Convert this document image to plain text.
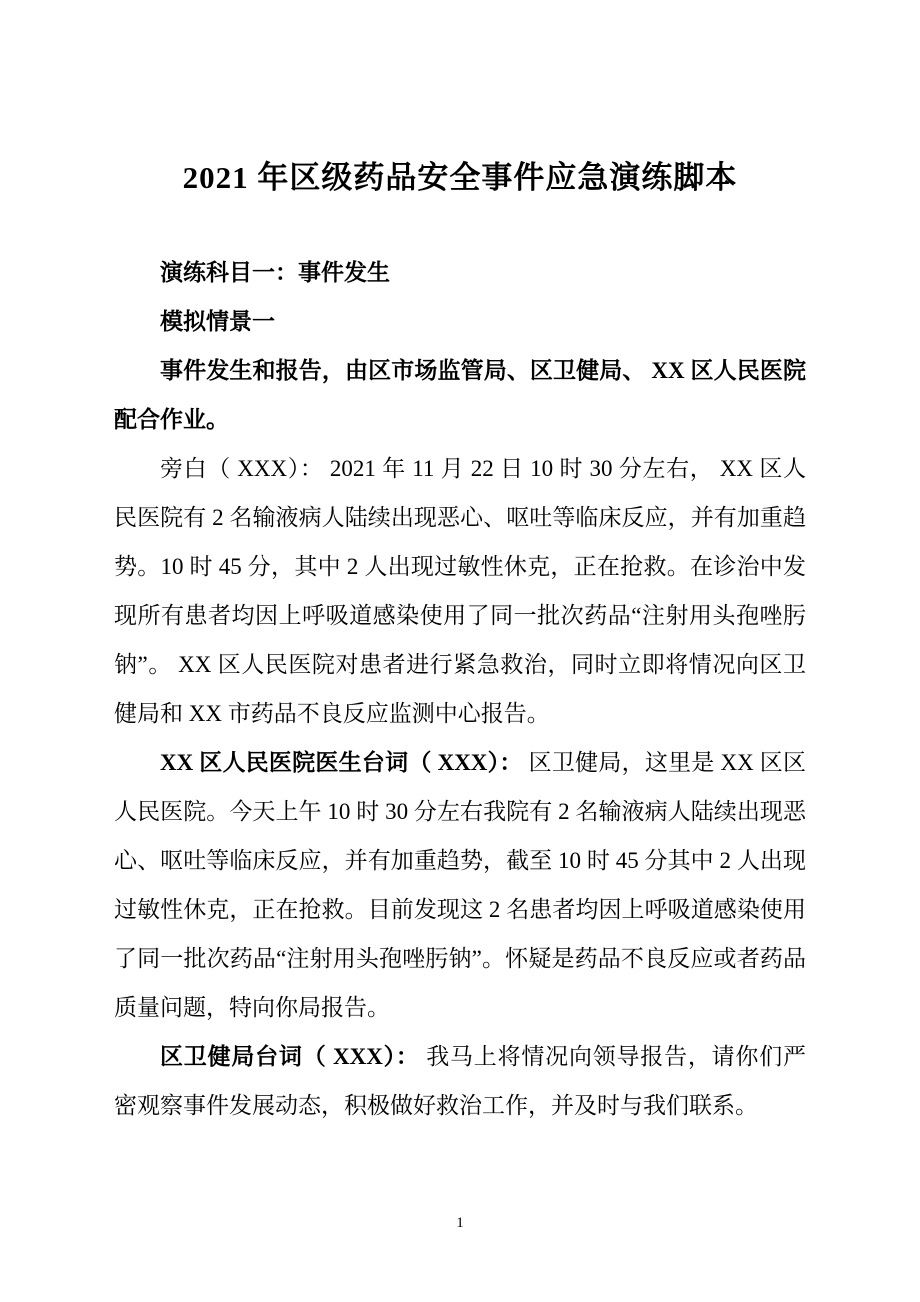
2021 年区级药品安全事件应急演练脚本

演练科目一：事件发生

模拟情景一

事件发生和报告，由区市场监管局、区卫健局、 XX 区人民医院配合作业。

旁白（ XXX）： 2021 年 11 月 22 日 10 时 30 分左右， XX 区人民医院有 2 名输液病人陆续出现恶心、呕吐等临床反应，并有加重趋势。10 时 45 分，其中 2 人出现过敏性休克，正在抢救。在诊治中发现所有患者均因上呼吸道感染使用了同一批次药品“注射用头孢唑肟钠”。 XX 区人民医院对患者进行紧急救治，同时立即将情况向区卫健局和 XX 市药品不良反应监测中心报告。

XX 区人民医院医生台词（ XXX）： 区卫健局，这里是 XX 区区人民医院。今天上午 10 时 30 分左右我院有 2 名输液病人陆续出现恶心、呕吐等临床反应，并有加重趋势，截至 10 时 45 分其中 2 人出现过敏性休克，正在抢救。目前发现这 2 名患者均因上呼吸道感染使用了同一批次药品“注射用头孢唑肟钠”。怀疑是药品不良反应或者药品质量问题，特向你局报告。

区卫健局台词（ XXX）： 我马上将情况向领导报告，请你们严密观察事件发展动态，积极做好救治工作，并及时与我们联系。

1
